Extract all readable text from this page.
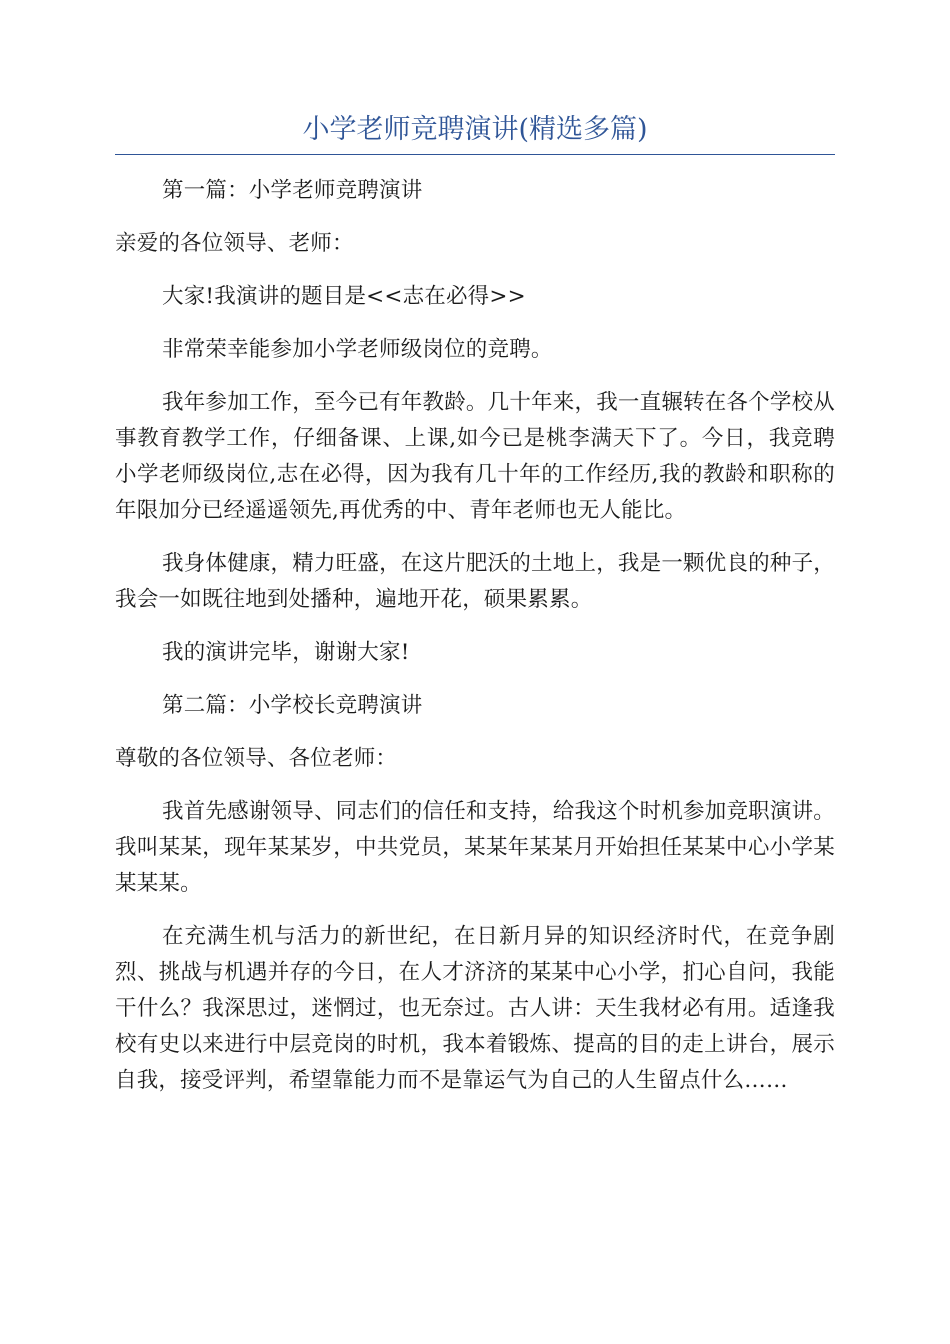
小学老师竞聘演讲(精选多篇)

第一篇：小学老师竞聘演讲

亲爱的各位领导、老师：

大家!我演讲的题目是<<志在必得>>

非常荣幸能参加小学老师级岗位的竞聘。

我年参加工作，至今已有年教龄。几十年来，我一直辗转在各个学校从事教育教学工作，仔细备课、上课,如今已是桃李满天下了。今日，我竞聘小学老师级岗位,志在必得，因为我有几十年的工作经历,我的教龄和职称的年限加分已经遥遥领先,再优秀的中、青年老师也无人能比。

我身体健康，精力旺盛，在这片肥沃的土地上，我是一颗优良的种子，我会一如既往地到处播种，遍地开花，硕果累累。

我的演讲完毕，谢谢大家!

第二篇：小学校长竞聘演讲

尊敬的各位领导、各位老师：

我首先感谢领导、同志们的信任和支持，给我这个时机参加竞职演讲。我叫某某，现年某某岁，中共党员，某某年某某月开始担任某某中心小学某某某某。

在充满生机与活力的新世纪，在日新月异的知识经济时代，在竞争剧烈、挑战与机遇并存的今日，在人才济济的某某中心小学，扪心自问，我能干什么？我深思过，迷惘过，也无奈过。古人讲：天生我材必有用。适逢我校有史以来进行中层竞岗的时机，我本着锻炼、提高的目的走上讲台，展示自我，接受评判，希望靠能力而不是靠运气为自己的人生留点什么……
